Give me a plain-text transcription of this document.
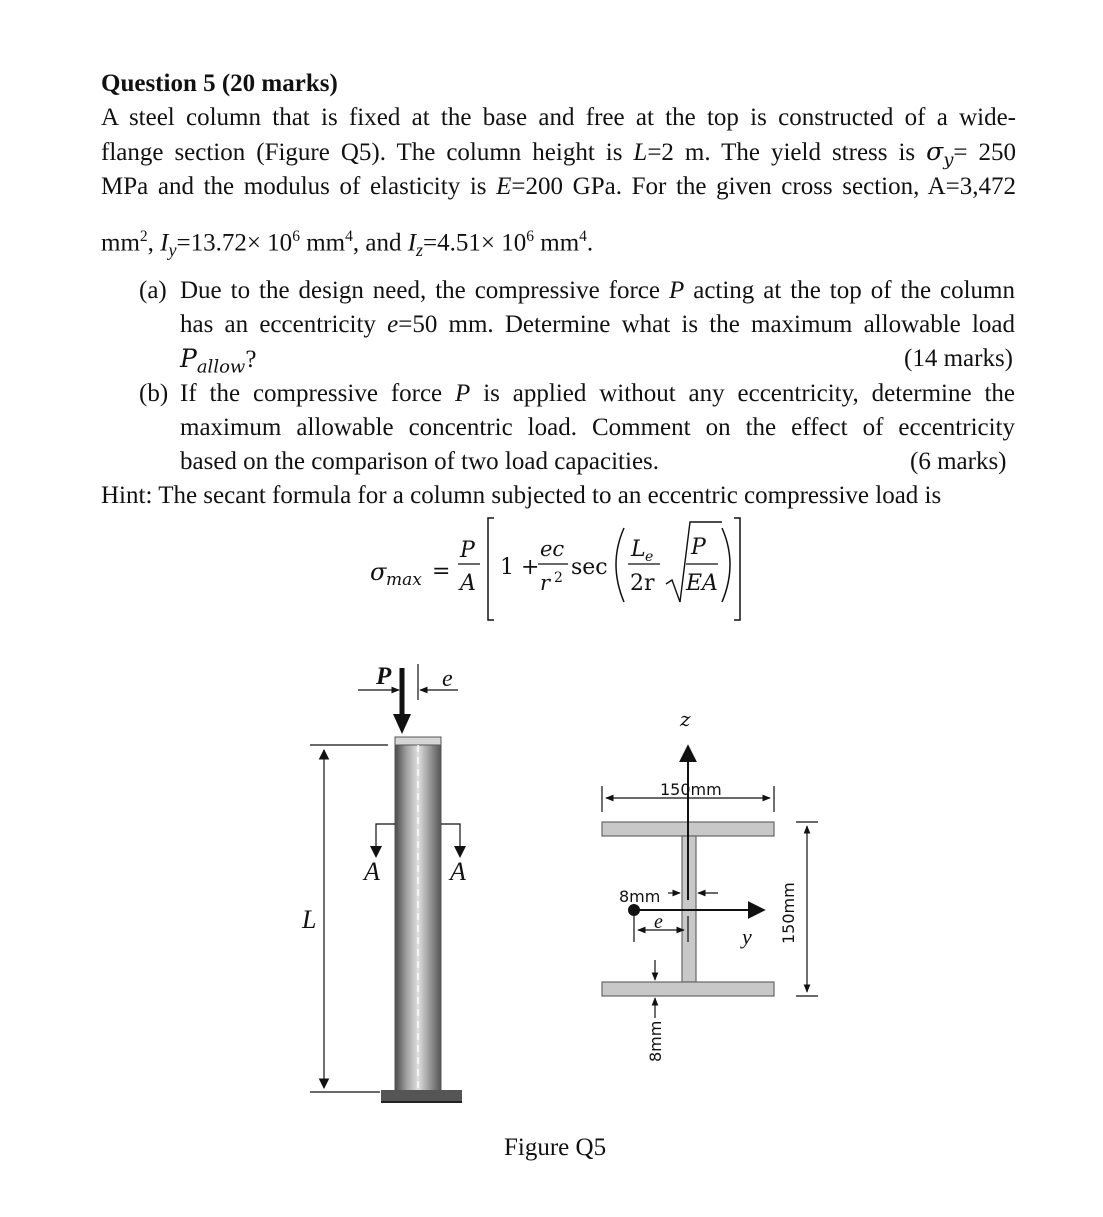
Question 5 (20 marks)
A steel column that is fixed at the base and free at the top is constructed of a wide-
flange section (Figure Q5). The column height is L=2 m. The yield stress is $\sigma_y= 250$
MPa and the modulus of elasticity is E=200 GPa. For the given cross section, A=3,472
$mm^2$, $I_y=13.72\times 10^6$ $mm^4$, and $I_z=4.51\times 10^6$ $mm^4$.
(a) Due to the design need, the compressive force P acting at the top of the column
has an eccentricity e=50 mm. Determine what is the maximum allowable load
$P_{allow}$?	(14 marks)
(b) If the compressive force P is applied without any eccentricity, determine the
maximum allowable concentric load. Comment on the effect of eccentricity
based on the comparison of two load capacities.	(6 marks)
Hint: The secant formula for a column subjected to an eccentric compressive load is
σ max =
P
A
1 +
ec
r 2 sec
L e
2r
P
EA
P e
L
A	A
z
y
150mm
150mm
8mm
e
8mm
Figure Q5
